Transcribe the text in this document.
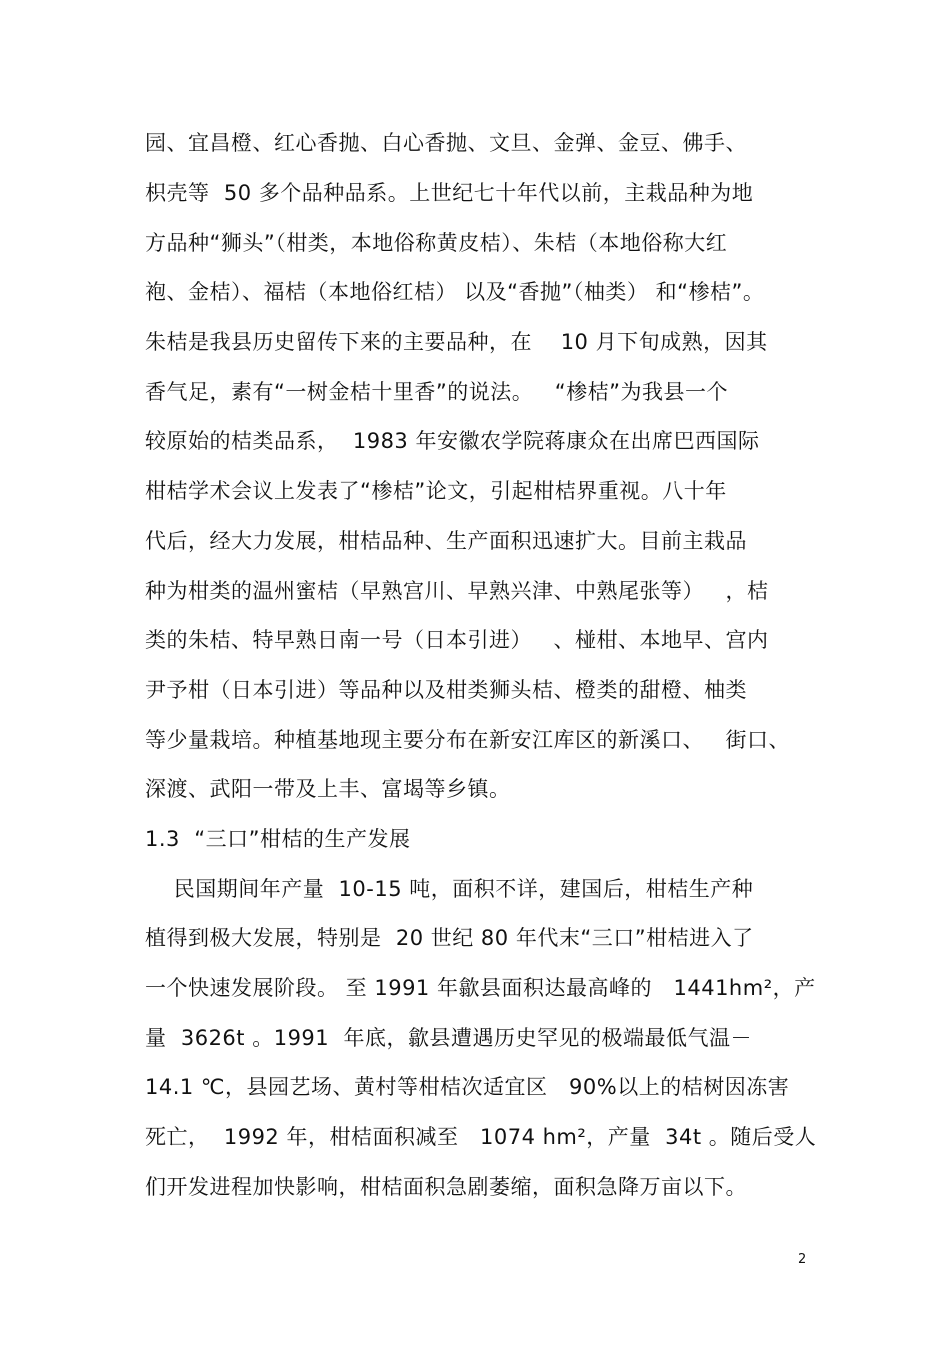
园、宜昌橙、红心香抛、白心香抛、文旦、金弹、金豆、佛手、
枳壳等  50 多个品种品系。上世纪七十年代以前，主栽品种为地
方品种“狮头”（柑类，本地俗称黄皮桔）、朱桔（本地俗称大红
袍、金桔）、福桔（本地俗红桔） 以及“香抛”（柚类） 和“椮桔”。
朱桔是我县历史留传下来的主要品种，在    10 月下旬成熟，因其
香气足，素有“一树金桔十里香”的说法。   “椮桔”为我县一个
较原始的桔类品系，  1983 年安徽农学院蒋康众在出席巴西国际
柑桔学术会议上发表了“椮桔”论文，引起柑桔界重视。八十年
代后，经大力发展，柑桔品种、生产面积迅速扩大。目前主栽品
种为柑类的温州蜜桔（早熟宫川、早熟兴津、中熟尾张等）   ，桔
类的朱桔、特早熟日南一号（日本引进）   、椪柑、本地早、宫内
尹予柑（日本引进）等品种以及柑类狮头桔、橙类的甜橙、柚类
等少量栽培。种植基地现主要分布在新安江库区的新溪口、   街口、
深渡、武阳一带及上丰、富堨等乡镇。
1.3  “三口”柑桔的生产发展
民国期间年产量  10-15 吨，面积不详，建国后，柑桔生产种
植得到极大发展，特别是  20 世纪 80 年代末“三口”柑桔进入了
一个快速发展阶段。 至 1991 年歙县面积达最高峰的   1441hm²，产
量  3626t 。1991  年底，歙县遭遇历史罕见的极端最低气温－
14.1 ℃，县园艺场、黄村等柑桔次适宜区   90%以上的桔树因冻害
死亡，  1992 年，柑桔面积减至   1074 hm²，产量  34t 。随后受人
们开发进程加快影响，柑桔面积急剧萎缩，面积急降万亩以下。
2
